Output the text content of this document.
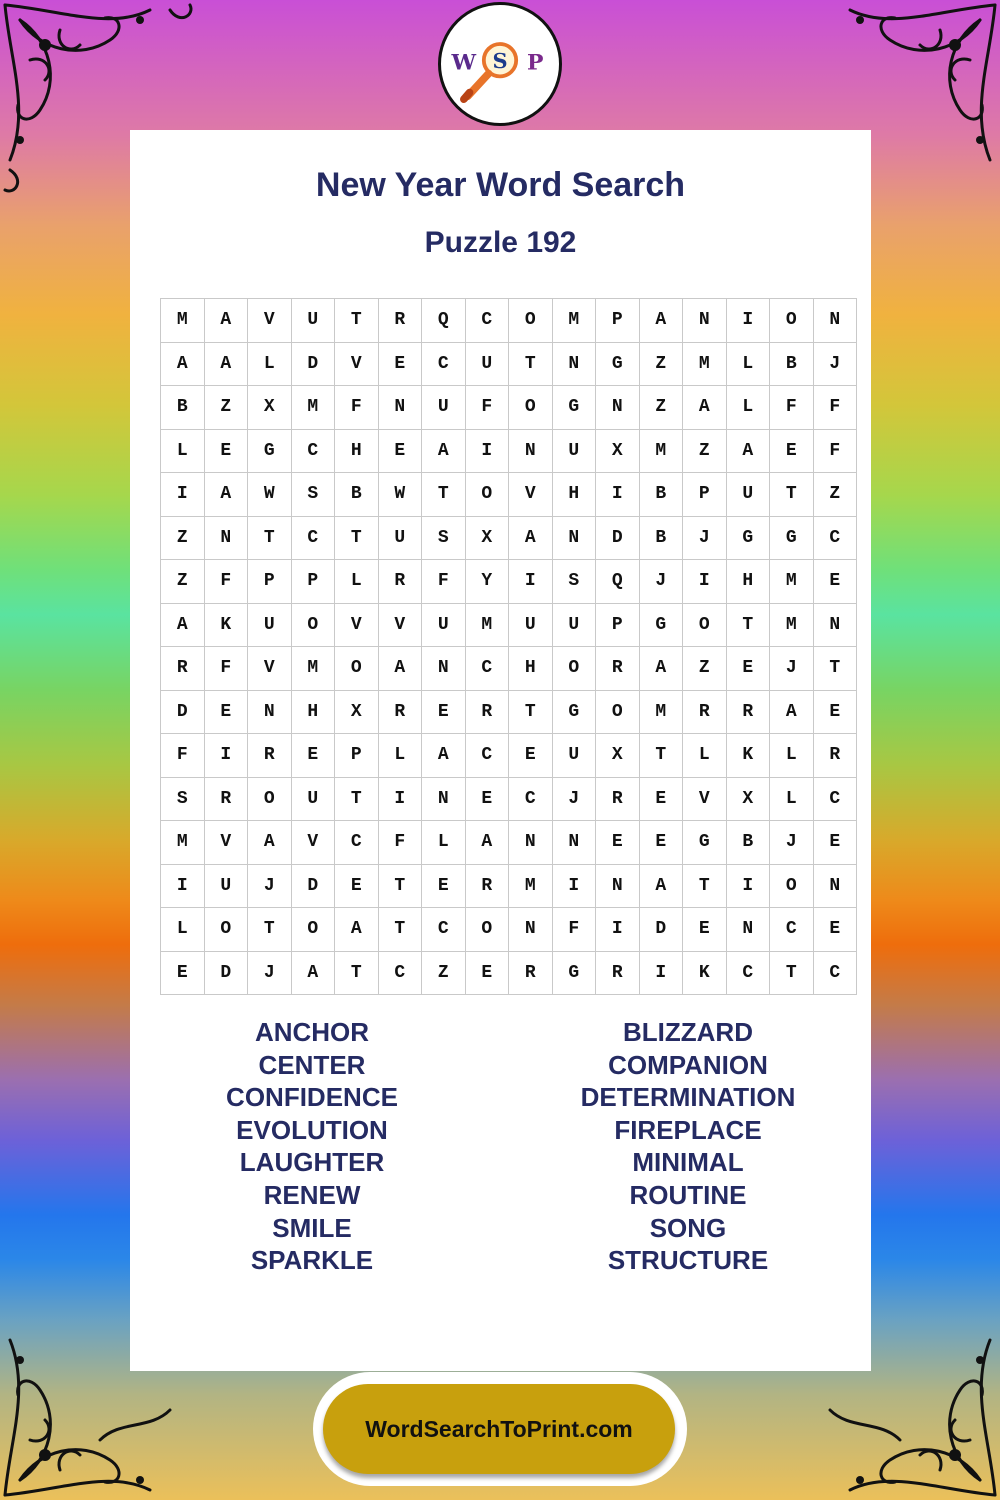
W S P
New Year Word Search
Puzzle 192
M	A	V	U	T	R	Q	C	O	M	P	A	N	I	O	N
A	A	L	D	V	E	C	U	T	N	G	Z	M	L	B	J
B	Z	X	M	F	N	U	F	O	G	N	Z	A	L	F	F
L	E	G	C	H	E	A	I	N	U	X	M	Z	A	E	F
I	A	W	S	B	W	T	O	V	H	I	B	P	U	T	Z
Z	N	T	C	T	U	S	X	A	N	D	B	J	G	G	C
Z	F	P	P	L	R	F	Y	I	S	Q	J	I	H	M	E
A	K	U	O	V	V	U	M	U	U	P	G	O	T	M	N
R	F	V	M	O	A	N	C	H	O	R	A	Z	E	J	T
D	E	N	H	X	R	E	R	T	G	O	M	R	R	A	E
F	I	R	E	P	L	A	C	E	U	X	T	L	K	L	R
S	R	O	U	T	I	N	E	C	J	R	E	V	X	L	C
M	V	A	V	C	F	L	A	N	N	E	E	G	B	J	E
I	U	J	D	E	T	E	R	M	I	N	A	T	I	O	N
L	O	T	O	A	T	C	O	N	F	I	D	E	N	C	E
E	D	J	A	T	C	Z	E	R	G	R	I	K	C	T	C
ANCHOR
CENTER
CONFIDENCE
EVOLUTION
LAUGHTER
RENEW
SMILE
SPARKLE
BLIZZARD
COMPANION
DETERMINATION
FIREPLACE
MINIMAL
ROUTINE
SONG
STRUCTURE
WordSearchToPrint.com
